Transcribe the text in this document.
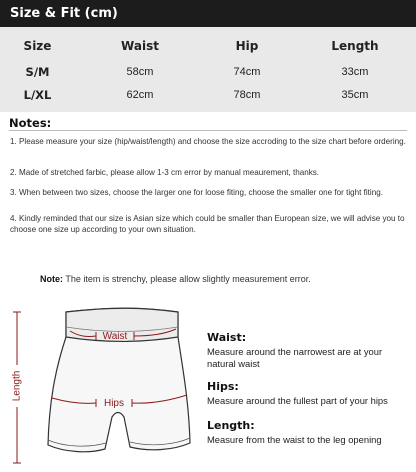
Size & Fit (cm)
Size	Waist	Hip	Length
S/M	58cm	74cm	33cm
L/XL	62cm	78cm	35cm
Notes:
1. Please measure your size (hip/waist/length) and choose the size accroding to the size chart before ordering.
2. Made of stretched farbic, please allow 1-3 cm error by manual meaurement, thanks.
3. When between two sizes, choose the larger one for loose fiting, choose the smaller one for tight fiting.
4. Kindly reminded that our size is Asian size which could be smaller than European size, we will advise you to choose one size up according to your own situation.
Note: The item is strenchy, please allow slightly measurement error.
Length
Waist
Hips
Waist:
Measure around the narrowest are at your natural waist
Hips:
Measure around the fullest part of your hips
Length:
Measure from the waist to the leg opening
